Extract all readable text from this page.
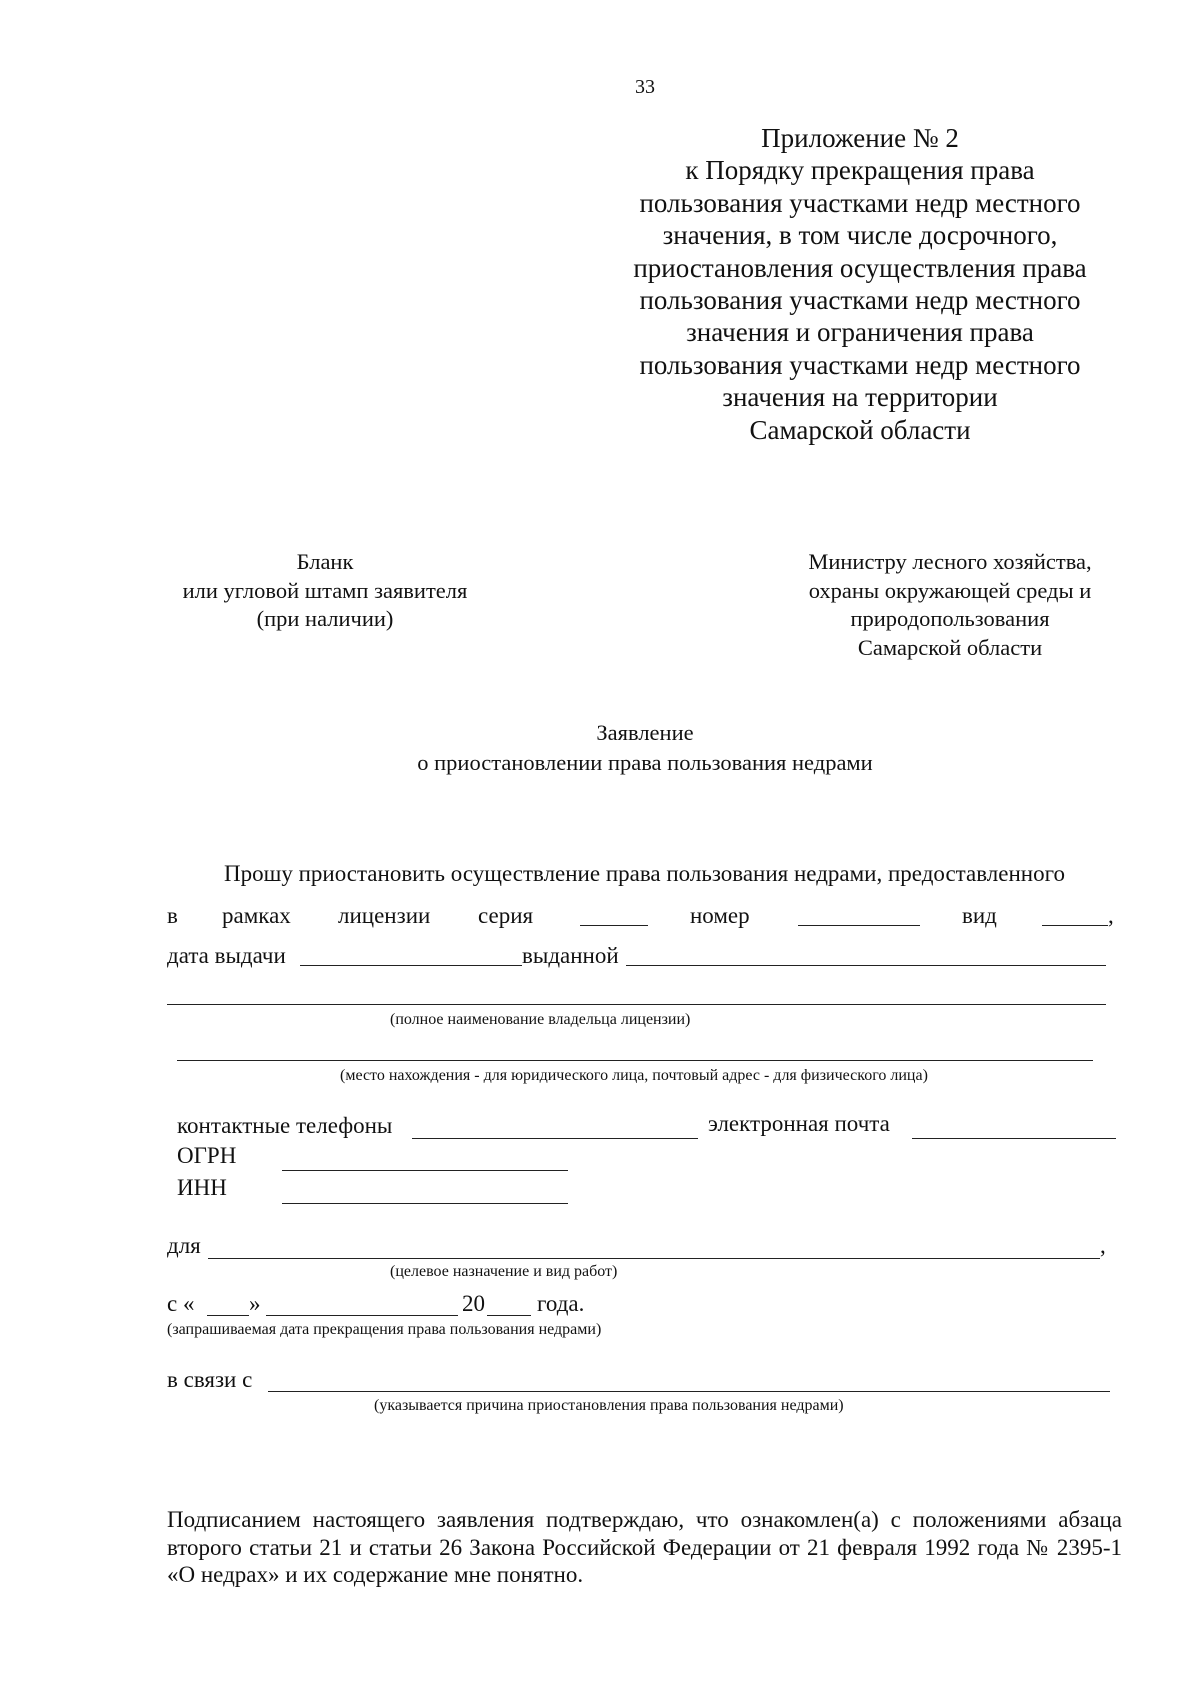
33
Приложение № 2
к Порядку прекращения права
пользования участками недр местного
значения, в том числе досрочного,
приостановления осуществления права
пользования участками недр местного
значения и ограничения права
пользования участками недр местного
значения на территории
Самарской области
Бланк
или угловой штамп заявителя
(при наличии)
Министру лесного хозяйства,
охраны окружающей среды и
природопользования
Самарской области
Заявление
о приостановлении права пользования недрами
Прошу приостановить осуществление права пользования недрами, предоставленного
в рамках лицензии серия	номер	вид	,
дата выдачи	выданной
(полное наименование владельца лицензии)
(место нахождения - для юридического лица, почтовый адрес - для физического лица)
контактные телефоны	электронная почта
ОГРН
ИНН
для	,
(целевое назначение и вид работ)
с « »	20 года.
(запрашиваемая дата прекращения права пользования недрами)
в связи с
(указывается причина приостановления права пользования недрами)
Подписанием настоящего заявления подтверждаю, что ознакомлен(а) с положениями абзаца второго статьи 21 и статьи 26 Закона Российской Федерации от 21 февраля 1992 года № 2395-1 «О недрах» и их содержание мне понятно.
